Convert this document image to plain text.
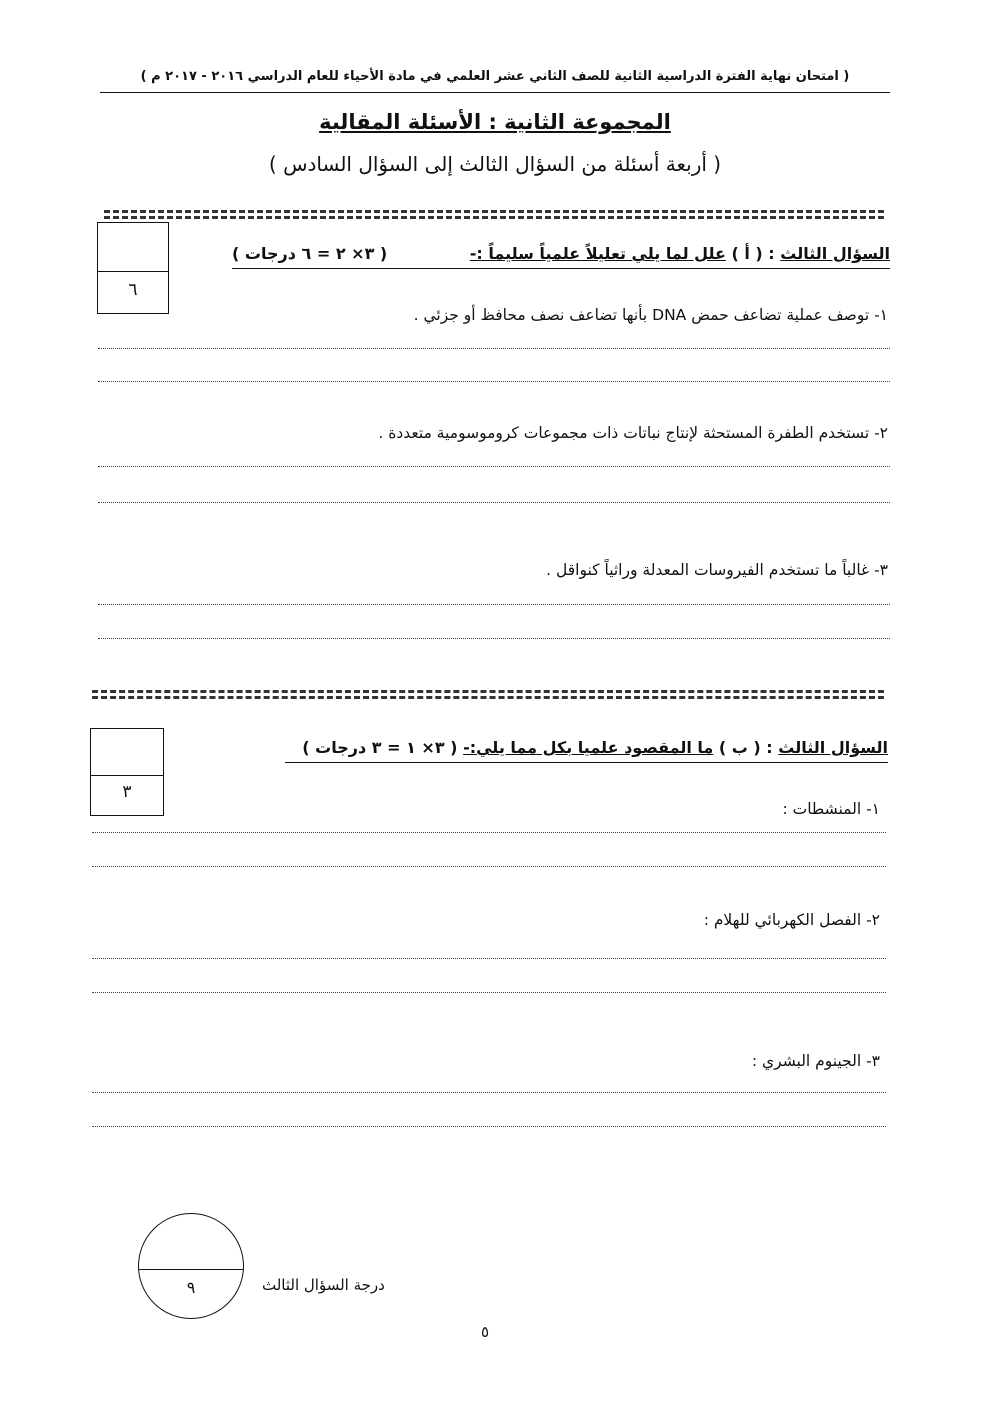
( امتحان نهاية الفترة الدراسية الثانية للصف الثاني عشر العلمي في مادة الأحياء للعام الدراسي ٢٠١٦ - ٢٠١٧ م )
المجموعة الثانية : الأسئلة المقالية
( أربعة أسئلة من السؤال الثالث إلى السؤال السادس )
٦
السؤال الثالث : ( أ ) علل لما يلي تعليلاً علمياً سليماً :-
( ٣× ٢ = ٦ درجات )
١- توصف عملية تضاعف حمض DNA بأنها تضاعف نصف محافظ أو جزئي .
٢- تستخدم الطفرة المستحثة لإنتاج نباتات ذات مجموعات كروموسومية متعددة .
٣- غالباً ما تستخدم الفيروسات المعدلة وراثياً كنواقل .
٣
السؤال الثالث : ( ب ) ما المقصود علميا بكل مما يلي:- ( ٣× ١ = ٣ درجات )
١- المنشطات :
٢- الفصل الكهربائي للهلام :
٣- الجينوم البشري :
٩	درجة السؤال الثالث
٥
